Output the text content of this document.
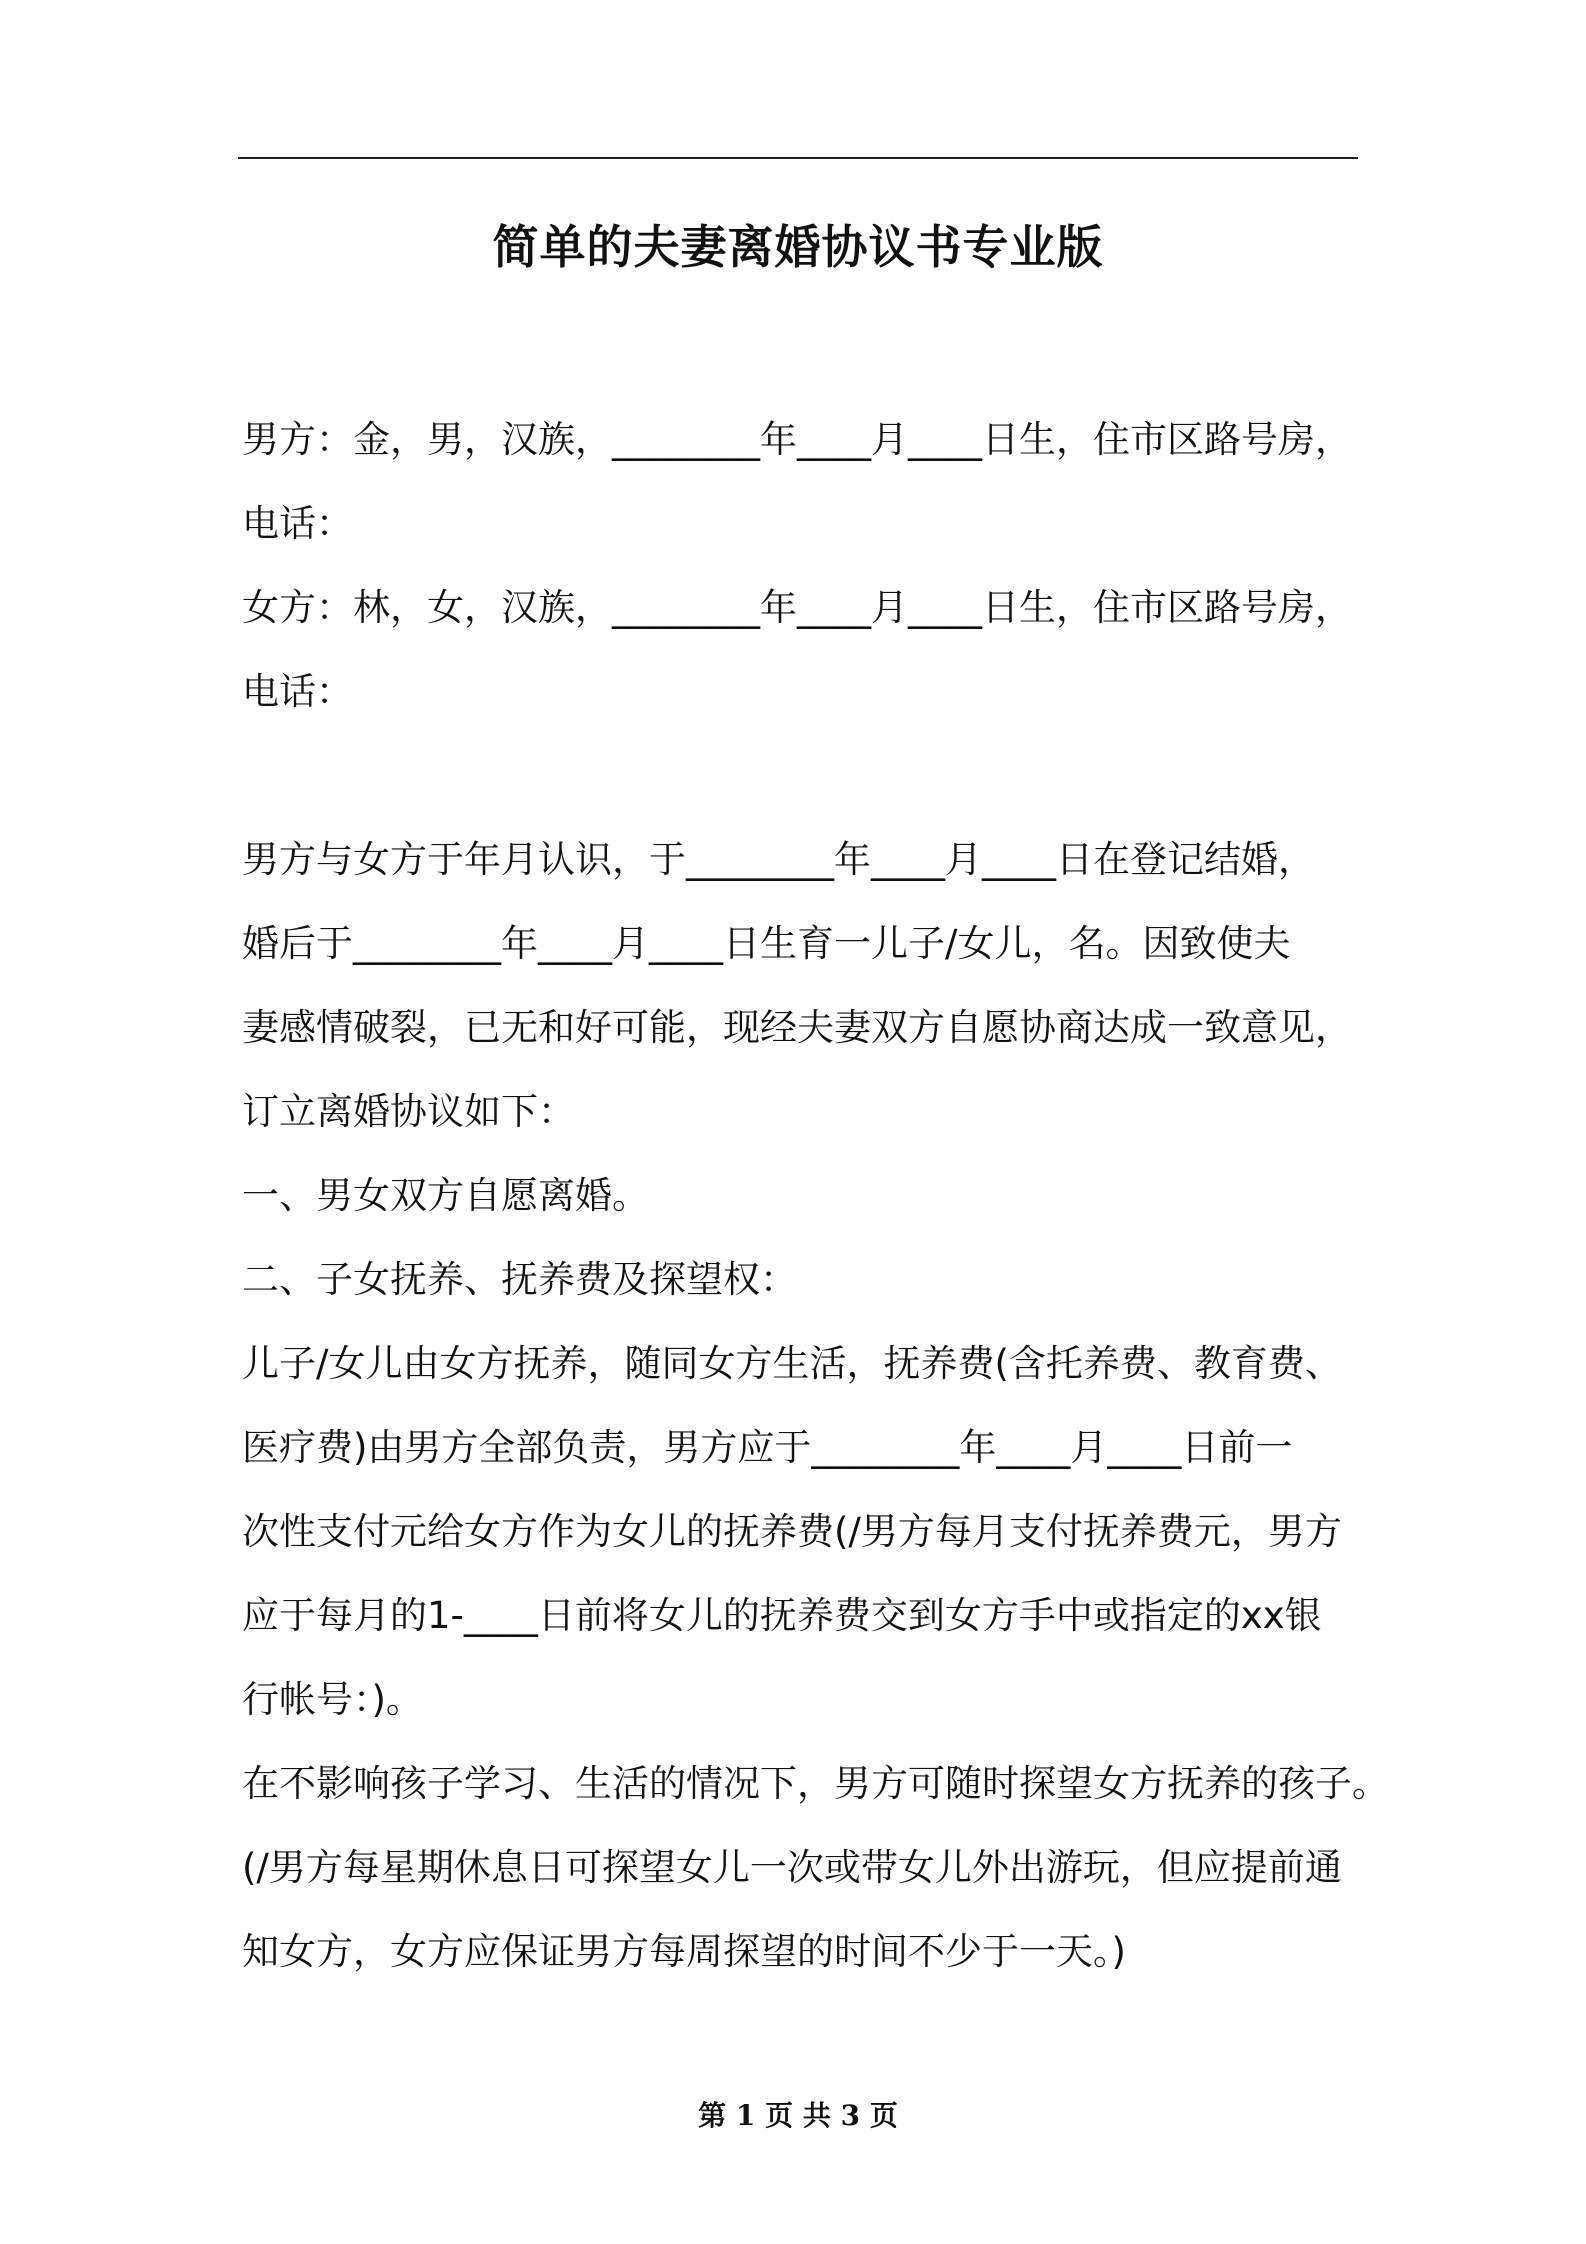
简单的夫妻离婚协议书专业版
男方：金，男，汉族，________年____月____日生，住市区路号房，
电话：
女方：林，女，汉族，________年____月____日生，住市区路号房，
电话：
男方与女方于年月认识，于________年____月____日在登记结婚，
婚后于________年____月____日生育一儿子/女儿，名。因致使夫
妻感情破裂，已无和好可能，现经夫妻双方自愿协商达成一致意见，
订立离婚协议如下：
一、男女双方自愿离婚。
二、子女抚养、抚养费及探望权：
儿子/女儿由女方抚养，随同女方生活，抚养费(含托养费、教育费、
医疗费)由男方全部负责，男方应于________年____月____日前一
次性支付元给女方作为女儿的抚养费(/男方每月支付抚养费元，男方
应于每月的1-____日前将女儿的抚养费交到女方手中或指定的xx银
行帐号：)。
在不影响孩子学习、生活的情况下，男方可随时探望女方抚养的孩子。
(/男方每星期休息日可探望女儿一次或带女儿外出游玩，但应提前通
知女方，女方应保证男方每周探望的时间不少于一天。)
第 1 页 共 3 页
